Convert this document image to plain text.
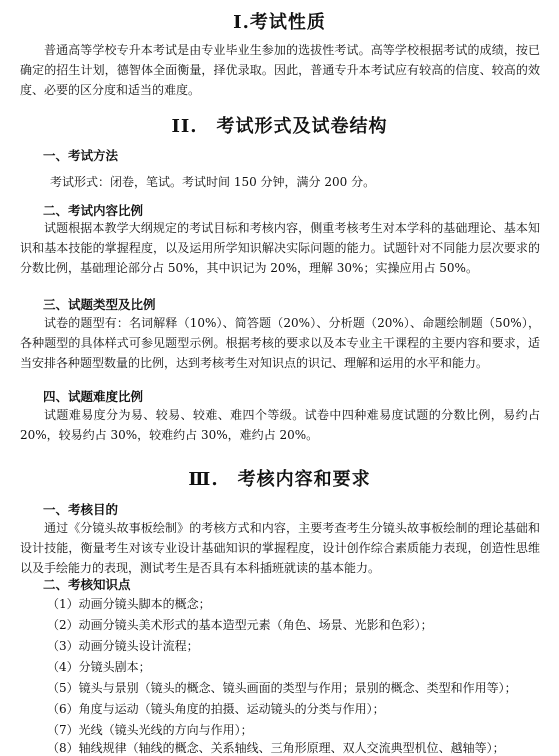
Ⅰ.考试性质

普通高等学校专升本考试是由专业毕业生参加的选拔性考试。高等学校根据考试的成绩，按已确定的招生计划，德智体全面衡量，择优录取。因此，普通专升本考试应有较高的信度、较高的效度、必要的区分度和适当的难度。

II.　考试形式及试卷结构
一、考试方法

考试形式：闭卷，笔试。考试时间 150 分钟，满分 200 分。

二、考试内容比例

试题根据本教学大纲规定的考试目标和考核内容，侧重考核考生对本学科的基础理论、基本知识和基本技能的掌握程度，以及运用所学知识解决实际问题的能力。试题针对不同能力层次要求的分数比例，基础理论部分占 50%，其中识记为 20%，理解 30%；实操应用占 50%。

三、试题类型及比例

试卷的题型有：名词解释（10%）、简答题（20%）、分析题（20%）、命题绘制题（50%），各种题型的具体样式可参见题型示例。根据考核的要求以及本专业主干课程的主要内容和要求，适当安排各种题型数量的比例，达到考核考生对知识点的识记、理解和运用的水平和能力。

四、试题难度比例

试题难易度分为易、较易、较难、难四个等级。试卷中四种难易度试题的分数比例，易约占 20%，较易约占 30%，较难约占 30%，难约占 20%。

Ⅲ.　考核内容和要求
一、考核目的

通过《分镜头故事板绘制》的考核方式和内容，主要考查考生分镜头故事板绘制的理论基础和设计技能，衡量考生对该专业设计基础知识的掌握程度，设计创作综合素质能力表现，创造性思维以及手绘能力的表现，测试考生是否具有本科插班就读的基本能力。

二、考核知识点
（1）动画分镜头脚本的概念；
（2）动画分镜头美术形式的基本造型元素（角色、场景、光影和色彩）；
（3）动画分镜头设计流程；
（4）分镜头剧本；
（5）镜头与景别（镜头的概念、镜头画面的类型与作用；景别的概念、类型和作用等）；
（6）角度与运动（镜头角度的拍摄、运动镜头的分类与作用）；
（7）光线（镜头光线的方向与作用）；
（8）轴线规律（轴线的概念、关系轴线、三角形原理、双人交流典型机位、越轴等）；
